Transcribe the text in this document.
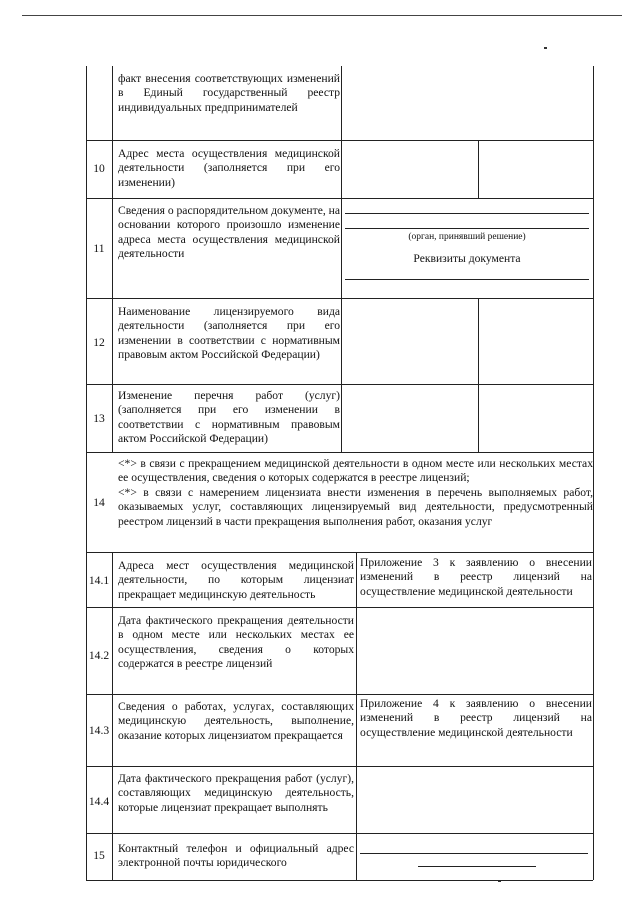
факт внесения соответствующих изменений в Единый государственный реестр индивидуальных предпринимателей
10
Адрес места осуществления медицинской деятельности (заполняется при его изменении)
11
Сведения о распорядительном документе, на основании которого произошло изменение адреса места осуществления медицинской деятельности
(орган, принявший решение)
Реквизиты документа
12
Наименование лицензируемого вида деятельности (заполняется при его изменении в соответствии с нормативным правовым актом Российской Федерации)
13
Изменение перечня работ (услуг) (заполняется при его изменении в соответствии с нормативным правовым актом Российской Федерации)
14
<*> в связи с прекращением медицинской деятельности в одном месте или нескольких местах ее осуществления, сведения о которых содержатся в реестре лицензий;
<*> в связи с намерением лицензиата внести изменения в перечень выполняемых работ, оказываемых услуг, составляющих лицензируемый вид деятельности, предусмотренный реестром лицензий в части прекращения выполнения работ, оказания услуг
14.1
Адреса мест осуществления медицинской деятельности, по которым лицензиат прекращает медицинскую деятельность
Приложение 3 к заявлению о внесении изменений в реестр лицензий на осуществление медицинской деятельности
14.2
Дата фактического прекращения деятельности в одном месте или нескольких местах ее осуществления, сведения о которых содержатся в реестре лицензий
14.3
Сведения о работах, услугах, составляющих медицинскую деятельность, выполнение, оказание которых лицензиатом прекращается
Приложение 4 к заявлению о внесении изменений в реестр лицензий на осуществление медицинской деятельности
14.4
Дата фактического прекращения работ (услуг), составляющих медицинскую деятельность, которые лицензиат прекращает выполнять
15
Контактный телефон и официальный адрес электронной почты юридического
